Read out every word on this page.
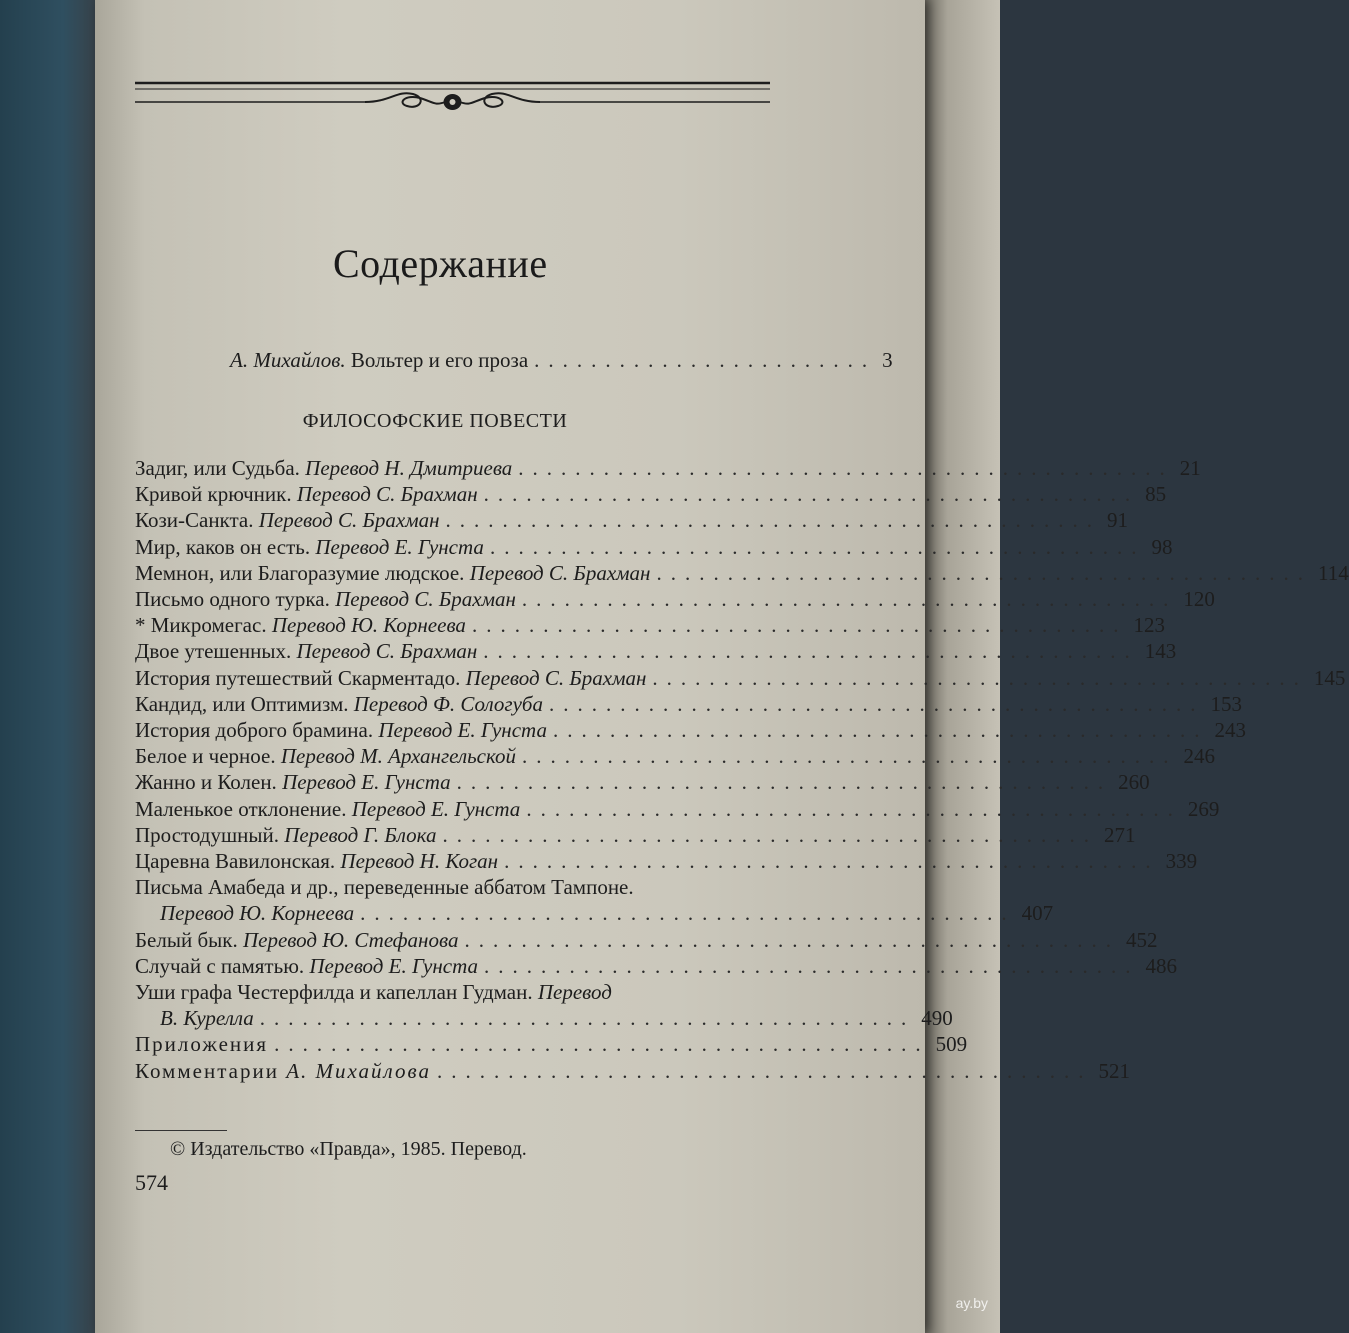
Содержание
А. Михайлов. Вольтер и его проза ........................ 3
ФИЛОСОФСКИЕ ПОВЕСТИ
Задиг, или Судьба. Перевод Н. Дмитриева .............................................. 21
Кривой крючник. Перевод С. Брахман .............................................. 85
Кози-Санкта. Перевод С. Брахман .............................................. 91
Мир, каков он есть. Перевод Е. Гунста .............................................. 98
Мемнон, или Благоразумие людское. Перевод С. Брахман .............................................. 114
Письмо одного турка. Перевод С. Брахман .............................................. 120
* Микромегас. Перевод Ю. Корнеева .............................................. 123
Двое утешенных. Перевод С. Брахман .............................................. 143
История путешествий Скарментадо. Перевод С. Брахман .............................................. 145
Кандид, или Оптимизм. Перевод Ф. Сологуба .............................................. 153
История доброго брамина. Перевод Е. Гунста .............................................. 243
Белое и черное. Перевод М. Архангельской .............................................. 246
Жанно и Колен. Перевод Е. Гунста .............................................. 260
Маленькое отклонение. Перевод Е. Гунста .............................................. 269
Простодушный. Перевод Г. Блока .............................................. 271
Царевна Вавилонская. Перевод Н. Коган .............................................. 339
Письма Амабеда и др., переведенные аббатом Тампоне.
Перевод Ю. Корнеева .............................................. 407
Белый бык. Перевод Ю. Стефанова .............................................. 452
Случай с памятью. Перевод Е. Гунста .............................................. 486
Уши графа Честерфилда и капеллан Гудман. Перевод
В. Курелла .............................................. 490
Приложения .............................................. 509
Комментарии А. Михайлова .............................................. 521
© Издательство «Правда», 1985. Перевод.
574
ay.by
